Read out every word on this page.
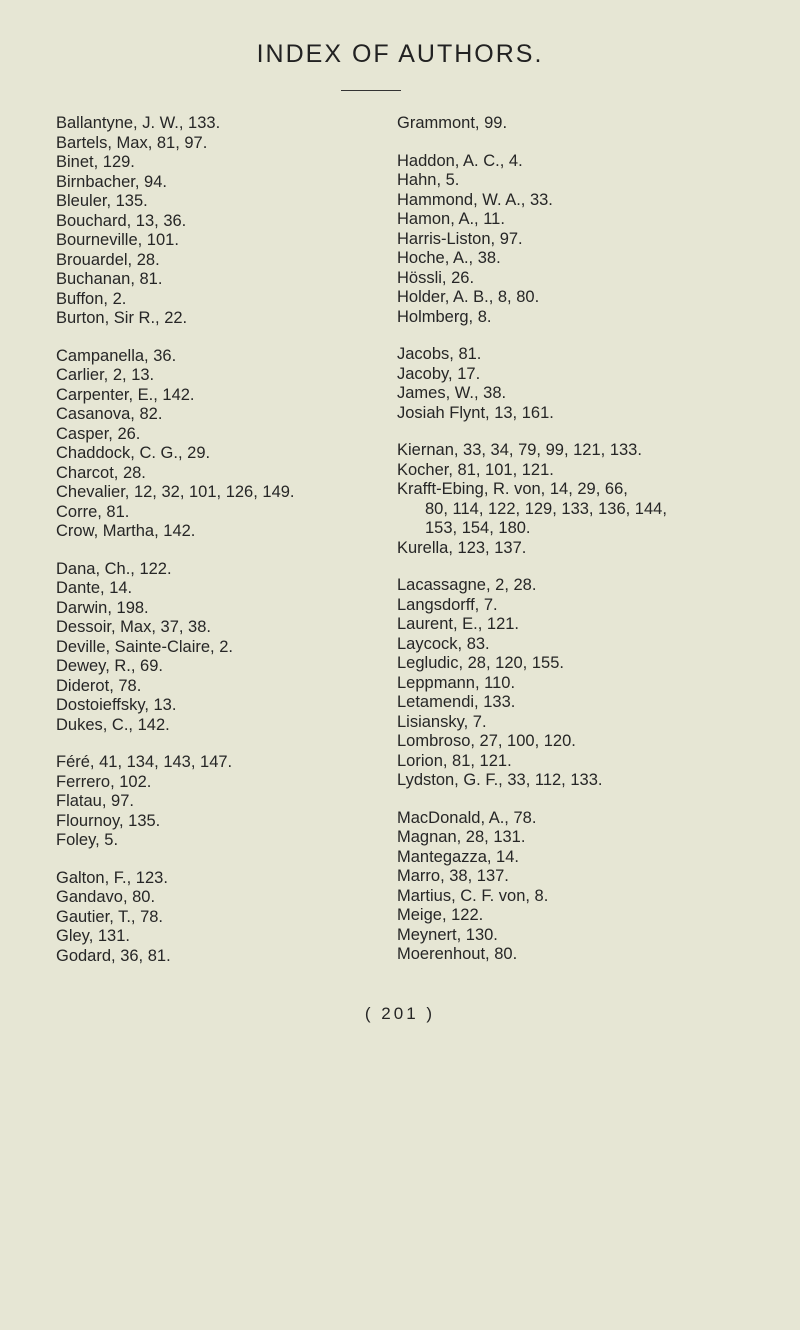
INDEX OF AUTHORS.
Ballantyne, J. W., 133.
Bartels, Max, 81, 97.
Binet, 129.
Birnbacher, 94.
Bleuler, 135.
Bouchard, 13, 36.
Bourneville, 101.
Brouardel, 28.
Buchanan, 81.
Buffon, 2.
Burton, Sir R., 22.
Campanella, 36.
Carlier, 2, 13.
Carpenter, E., 142.
Casanova, 82.
Casper, 26.
Chaddock, C. G., 29.
Charcot, 28.
Chevalier, 12, 32, 101, 126, 149.
Corre, 81.
Crow, Martha, 142.
Dana, Ch., 122.
Dante, 14.
Darwin, 198.
Dessoir, Max, 37, 38.
Deville, Sainte-Claire, 2.
Dewey, R., 69.
Diderot, 78.
Dostoieffsky, 13.
Dukes, C., 142.
Féré, 41, 134, 143, 147.
Ferrero, 102.
Flatau, 97.
Flournoy, 135.
Foley, 5.
Galton, F., 123.
Gandavo, 80.
Gautier, T., 78.
Gley, 131.
Godard, 36, 81.
Grammont, 99.
Haddon, A. C., 4.
Hahn, 5.
Hammond, W. A., 33.
Hamon, A., 11.
Harris-Liston, 97.
Hoche, A., 38.
Hössli, 26.
Holder, A. B., 8, 80.
Holmberg, 8.
Jacobs, 81.
Jacoby, 17.
James, W., 38.
Josiah Flynt, 13, 161.
Kiernan, 33, 34, 79, 99, 121, 133.
Kocher, 81, 101, 121.
Krafft-Ebing, R. von, 14, 29, 66,
80, 114, 122, 129, 133, 136, 144,
153, 154, 180.
Kurella, 123, 137.
Lacassagne, 2, 28.
Langsdorff, 7.
Laurent, E., 121.
Laycock, 83.
Legludic, 28, 120, 155.
Leppmann, 110.
Letamendi, 133.
Lisiansky, 7.
Lombroso, 27, 100, 120.
Lorion, 81, 121.
Lydston, G. F., 33, 112, 133.
MacDonald, A., 78.
Magnan, 28, 131.
Mantegazza, 14.
Marro, 38, 137.
Martius, C. F. von, 8.
Meige, 122.
Meynert, 130.
Moerenhout, 80.
( 201 )
